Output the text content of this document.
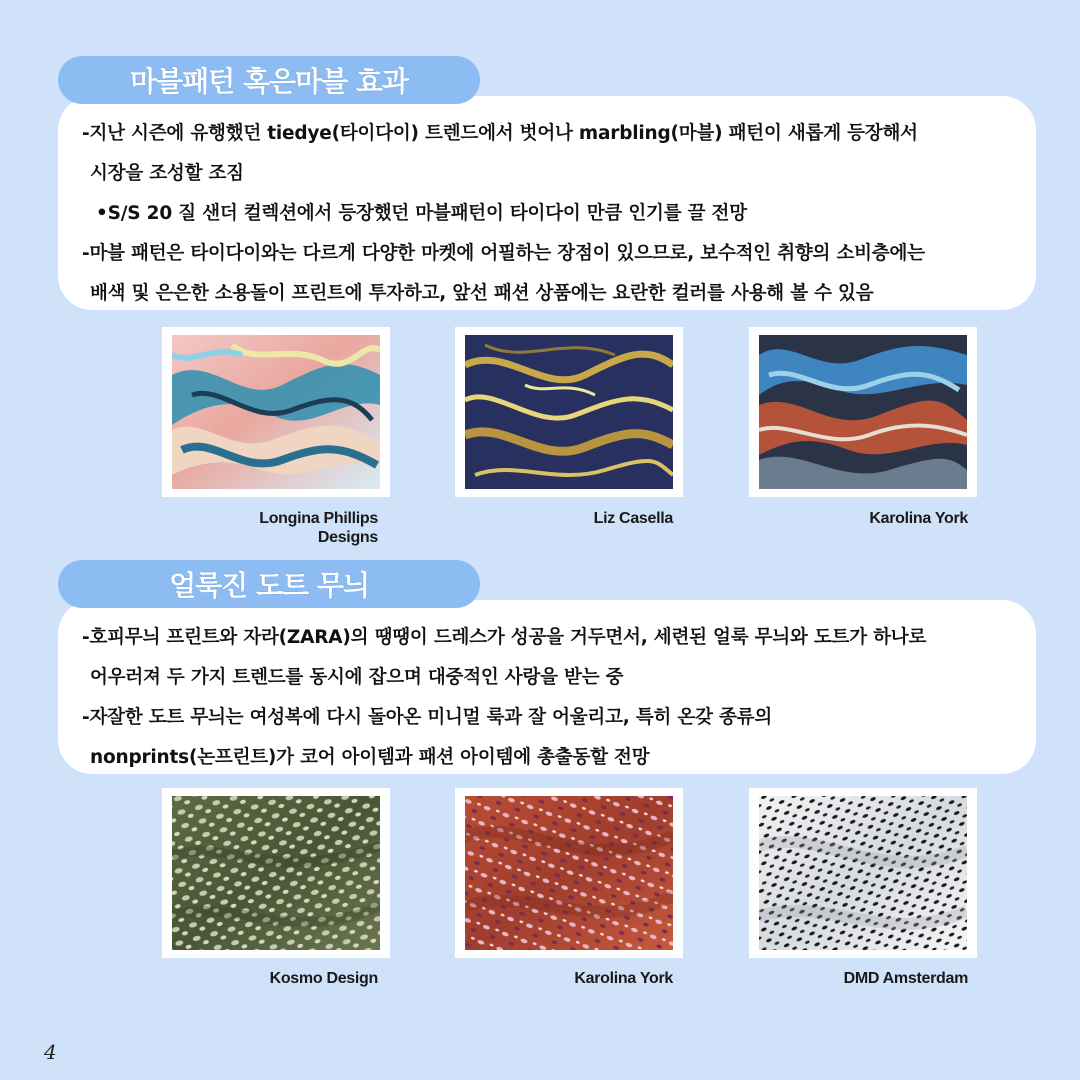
마블패턴 혹은마블 효과

-지난 시즌에 유행했던 tiedye(타이다이) 트렌드에서 벗어나 marbling(마블) 패턴이 새롭게 등장해서

시장을 조성할 조짐

•S/S 20 질 샌더 컬렉션에서 등장했던 마블패턴이 타이다이 만큼 인기를 끌 전망

-마블 패턴은 타이다이와는 다르게 다양한 마켓에 어필하는 장점이 있으므로, 보수적인 취향의 소비층에는

배색 및 은은한 소용돌이 프린트에 투자하고, 앞선 패션 상품에는 요란한 컬러를 사용해 볼 수 있음

Longina Phillips Designs
Liz Casella	Karolina York
얼룩진 도트 무늬

-호피무늬 프린트와 자라(ZARA)의 땡땡이 드레스가 성공을 거두면서, 세련된 얼룩 무늬와 도트가 하나로

어우러져 두 가지 트렌드를 동시에 잡으며 대중적인 사랑을 받는 중

-자잘한 도트 무늬는 여성복에 다시 돌아온 미니멀 룩과 잘 어울리고, 특히 온갖 종류의

nonprints(논프린트)가 코어 아이템과 패션 아이템에 총출동할 전망

Kosmo Design	Karolina York	DMD Amsterdam
4
